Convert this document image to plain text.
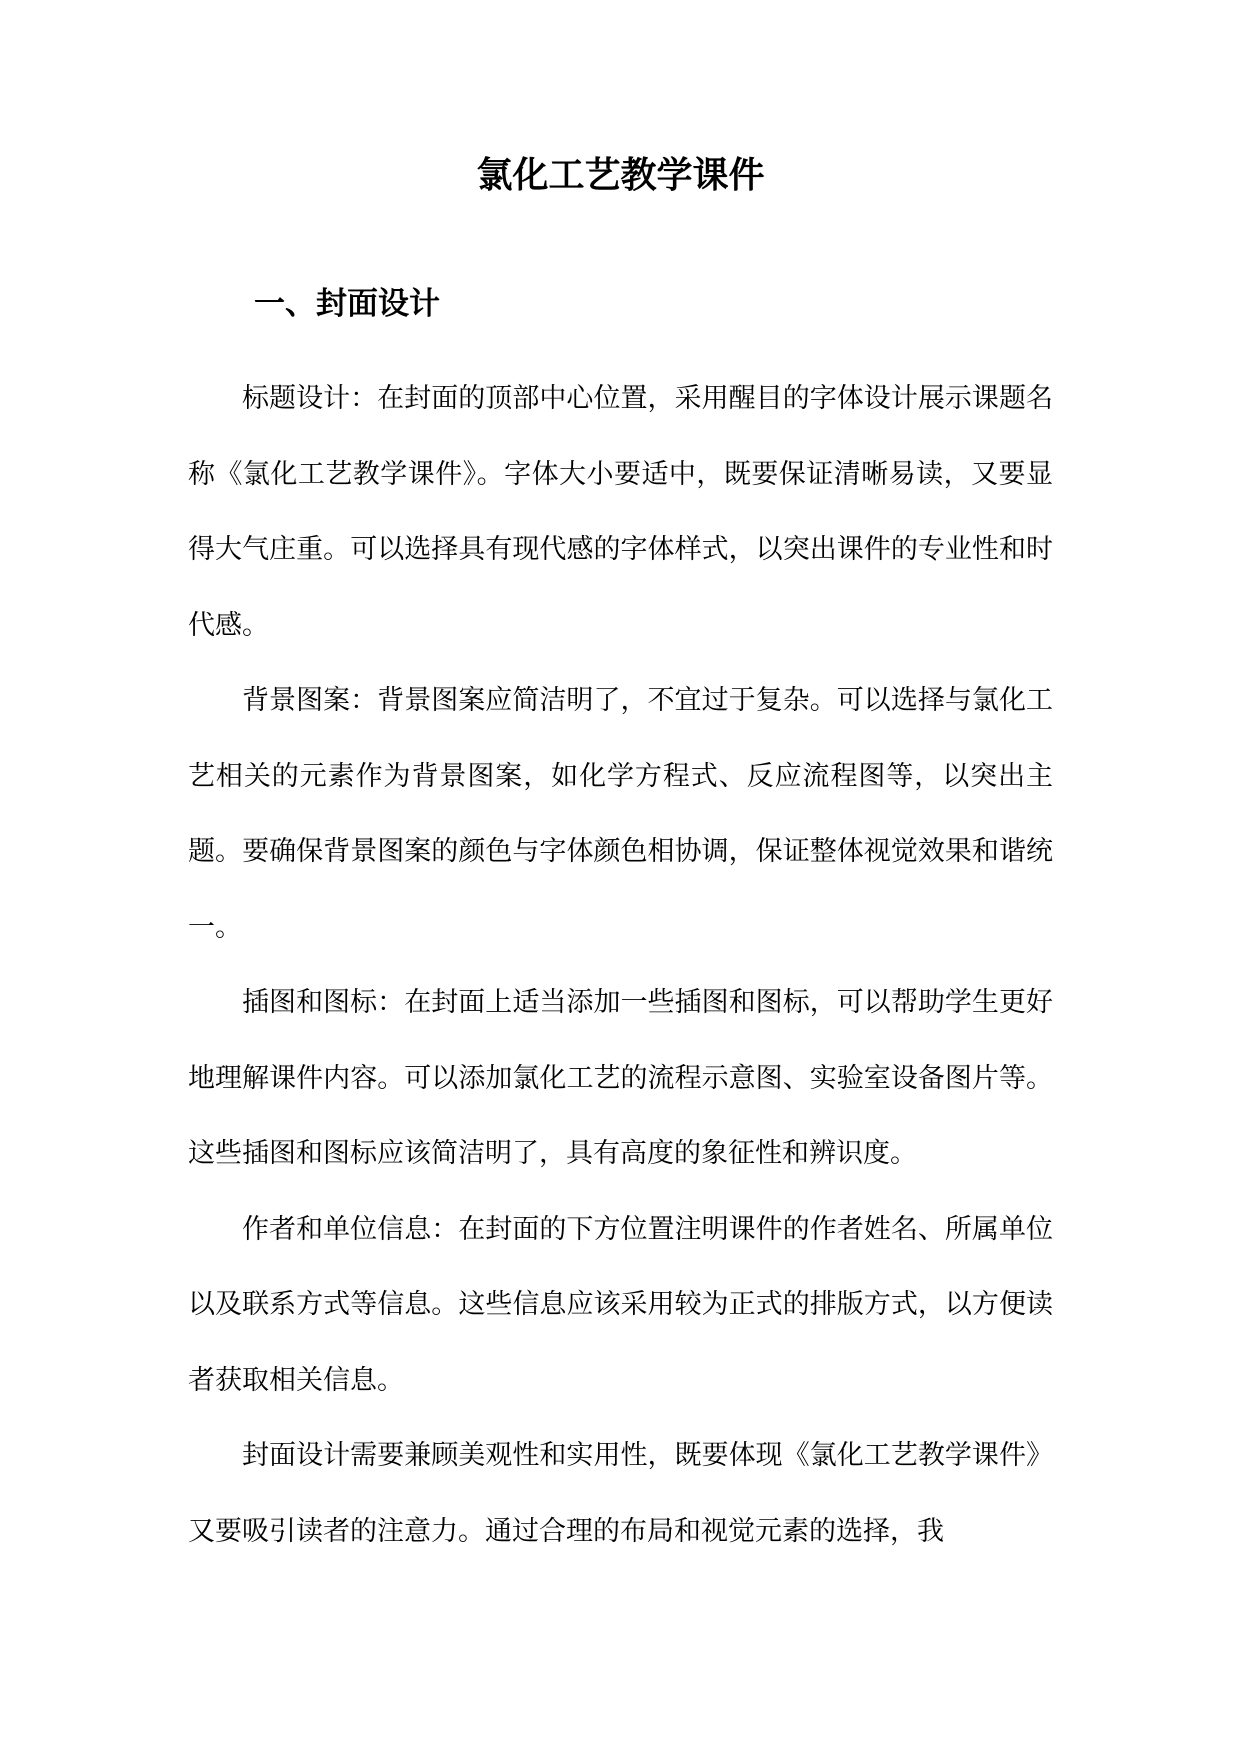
氯化工艺教学课件
一、封面设计

标题设计：在封面的顶部中心位置，采用醒目的字体设计展示课题名称《氯化工艺教学课件》。字体大小要适中，既要保证清晰易读，又要显得大气庄重。可以选择具有现代感的字体样式，以突出课件的专业性和时代感。

背景图案：背景图案应简洁明了，不宜过于复杂。可以选择与氯化工艺相关的元素作为背景图案，如化学方程式、反应流程图等，以突出主题。要确保背景图案的颜色与字体颜色相协调，保证整体视觉效果和谐统一。

插图和图标：在封面上适当添加一些插图和图标，可以帮助学生更好地理解课件内容。可以添加氯化工艺的流程示意图、实验室设备图片等。这些插图和图标应该简洁明了，具有高度的象征性和辨识度。

作者和单位信息：在封面的下方位置注明课件的作者姓名、所属单位以及联系方式等信息。这些信息应该采用较为正式的排版方式，以方便读者获取相关信息。

封面设计需要兼顾美观性和实用性，既要体现《氯化工艺教学课件》又要吸引读者的注意力。通过合理的布局和视觉元素的选择，我
